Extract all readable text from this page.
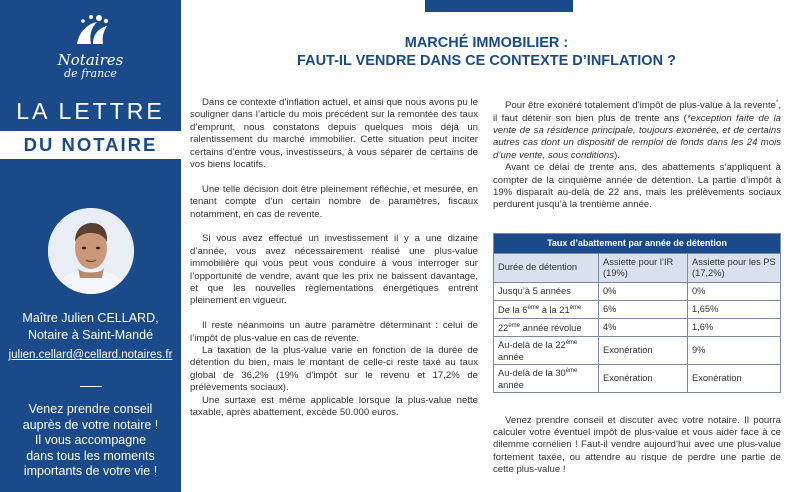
Notaires
de france
LA LETTRE
DU NOTAIRE
Maître Julien CELLARD,
Notaire à Saint-Mandé
julien.cellard@cellard.notaires.fr
Venez prendre conseil
auprès de votre notaire !
Il vous accompagne
dans tous les moments
importants de votre vie !
MARCHÉ IMMOBILIER :
FAUT-IL VENDRE DANS CE CONTEXTE D’INFLATION ?

Dans ce contexte d’inflation actuel, et ainsi que nous avons pu le souligner dans l’article du mois précédent sur la remontée des taux d’emprunt, nous constatons depuis quelques mois déjà un ralentissement du marché immobilier. Cette situation peut inciter certains d’entre vous, investisseurs, à vous séparer de certains de vos biens locatifs.

Une telle décision doit être pleinement réfléchie, et mesurée, en tenant compte d’un certain nombre de paramètres, fiscaux notamment, en cas de revente.

Si vous avez effectué un investissement il y a une dizaine d’année, vous avez nécessairement réalisé une plus-value immobilière qui vous peut vous conduire à vous interroger sur l’opportunité de vendre, avant que les prix ne baissent davantage, et que les nouvelles règlementations énergétiques entrent pleinement en vigueur.

Il reste néanmoins un autre paramètre déterminant : celui de l’impôt de plus-value en cas de revente.

La taxation de la plus-value varie en fonction de la durée de détention du bien, mais le montant de celle-ci reste taxé au taux global de 36,2% (19% d’impôt sur le revenu et 17,2% de prélèvements sociaux).

Une surtaxe est même applicable lorsque la plus-value nette taxable, après abattement, excède 50.000 euros.

Pour être exonéré totalement d’impôt de plus-value à la revente*, il faut détenir son bien plus de trente ans (*exception faite de la vente de sa résidence principale, toujours exonérée, et de certains autres cas dont un dispositif de remploi de fonds dans les 24 mois d’une vente, sous conditions).

Avant ce délai de trente ans, des abattements s’appliquent à compter de la cinquième année de détention. La partie d’impôt à 19% disparaît au-delà de 22 ans, mais les prélèvements sociaux perdurent jusqu’à la trentième année.

Taux d’abattement par année de détention		
Durée de détention	Assiette pour l’IR (19%)	Assiette pour les PS (17,2%)
Jusqu’à 5 années	0%	0%
De la 6ème à la 21ème	6%	1,65%
22ème année révolue	4%	1,6%
Au-delà de la 22ème année	Exonération	9%
Au-delà de la 30ème année	Exonération	Exonération

Venez prendre conseil et discuter avec votre notaire. Il pourra calculer votre éventuel impôt de plus-value et vous aider face à ce dilemme cornélien ! Faut-il vendre aujourd’hui avec une plus-value fortement taxée, ou attendre au risque de perdre une partie de cette plus-value !
